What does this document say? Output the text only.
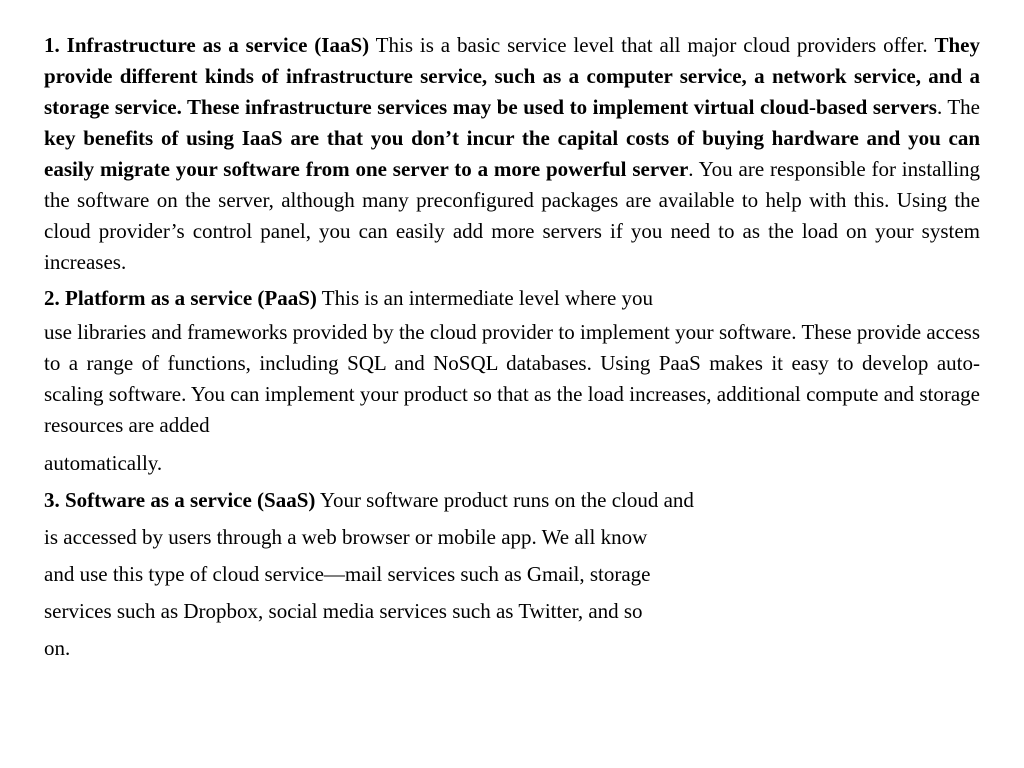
1. Infrastructure as a service (IaaS) This is a basic service level that all major cloud providers offer. They provide different kinds of infrastructure service, such as a computer service, a network service, and a storage service. These infrastructure services may be used to implement virtual cloud-based servers. The key benefits of using IaaS are that you don’t incur the capital costs of buying hardware and you can easily migrate your software from one server to a more powerful server. You are responsible for installing the software on the server, although many preconfigured packages are available to help with this. Using the cloud provider’s control panel, you can easily add more servers if you need to as the load on your system increases.

2. Platform as a service (PaaS) This is an intermediate level where you

use libraries and frameworks provided by the cloud provider to implement your software. These provide access to a range of functions, including SQL and NoSQL databases. Using PaaS makes it easy to develop auto-scaling software. You can implement your product so that as the load increases, additional compute and storage resources are added

automatically.

3. Software as a service (SaaS) Your software product runs on the cloud and

is accessed by users through a web browser or mobile app. We all know

and use this type of cloud service—mail services such as Gmail, storage

services such as Dropbox, social media services such as Twitter, and so

on.
